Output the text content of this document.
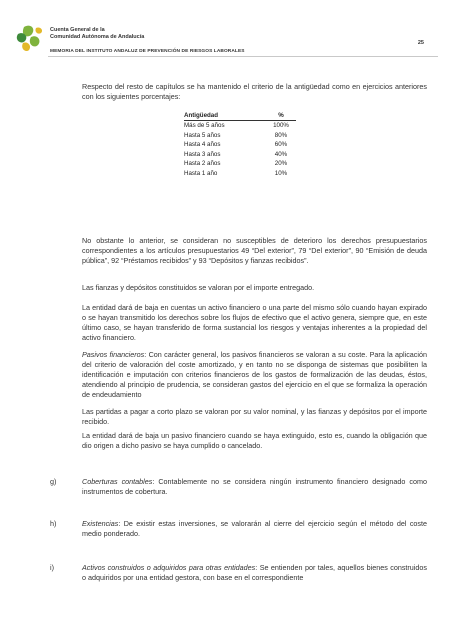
Cuenta General de la
Comunidad Autónoma de Andalucía
25
MEMORIA DEL INSTITUTO ANDALUZ DE PREVENCIÓN DE RIESGOS LABORALES

Respecto del resto de capítulos se ha mantenido el criterio de la antigüedad como en ejercicios anteriores con los siguientes porcentajes:

Antigüedad	%
Más de 5 años	100%
Hasta 5 años	80%
Hasta 4 años	60%
Hasta 3 años	40%
Hasta 2 años	20%
Hasta 1 año	10%

No obstante lo anterior, se consideran no susceptibles de deterioro los derechos presupuestarios correspondientes a los artículos presupuestarios 49 “Del exterior”, 79 “Del exterior”, 90 “Emisión de deuda pública”, 92 “Préstamos recibidos” y 93 “Depósitos y fianzas recibidos”.

Las fianzas y depósitos constituidos se valoran por el importe entregado.

La entidad dará de baja en cuentas un activo financiero o una parte del mismo sólo cuando hayan expirado o se hayan transmitido los derechos sobre los flujos de efectivo que el activo genera, siempre que, en este último caso, se hayan transferido de forma sustancial los riesgos y ventajas inherentes a la propiedad del activo financiero.

Pasivos financieros: Con carácter general, los pasivos financieros se valoran a su coste. Para la aplicación del criterio de valoración del coste amortizado, y en tanto no se disponga de sistemas que posibiliten la identificación e imputación con criterios financieros de los gastos de formalización de las deudas, éstos, atendiendo al principio de prudencia, se consideran gastos del ejercicio en el que se formaliza la operación de endeudamiento

Las partidas a pagar a corto plazo se valoran por su valor nominal, y las fianzas y depósitos por el importe recibido.

La entidad dará de baja un pasivo financiero cuando se haya extinguido, esto es, cuando la obligación que dio origen a dicho pasivo se haya cumplido o cancelado.

g)	Coberturas contables: Contablemente no se considera ningún instrumento financiero designado como instrumentos de cobertura.
h)	Existencias: De existir estas inversiones, se valorarán al cierre del ejercicio según el método del coste medio ponderado.
i)	Activos construidos o adquiridos para otras entidades: Se entienden por tales, aquellos bienes construidos o adquiridos por una entidad gestora, con base en el correspondiente
